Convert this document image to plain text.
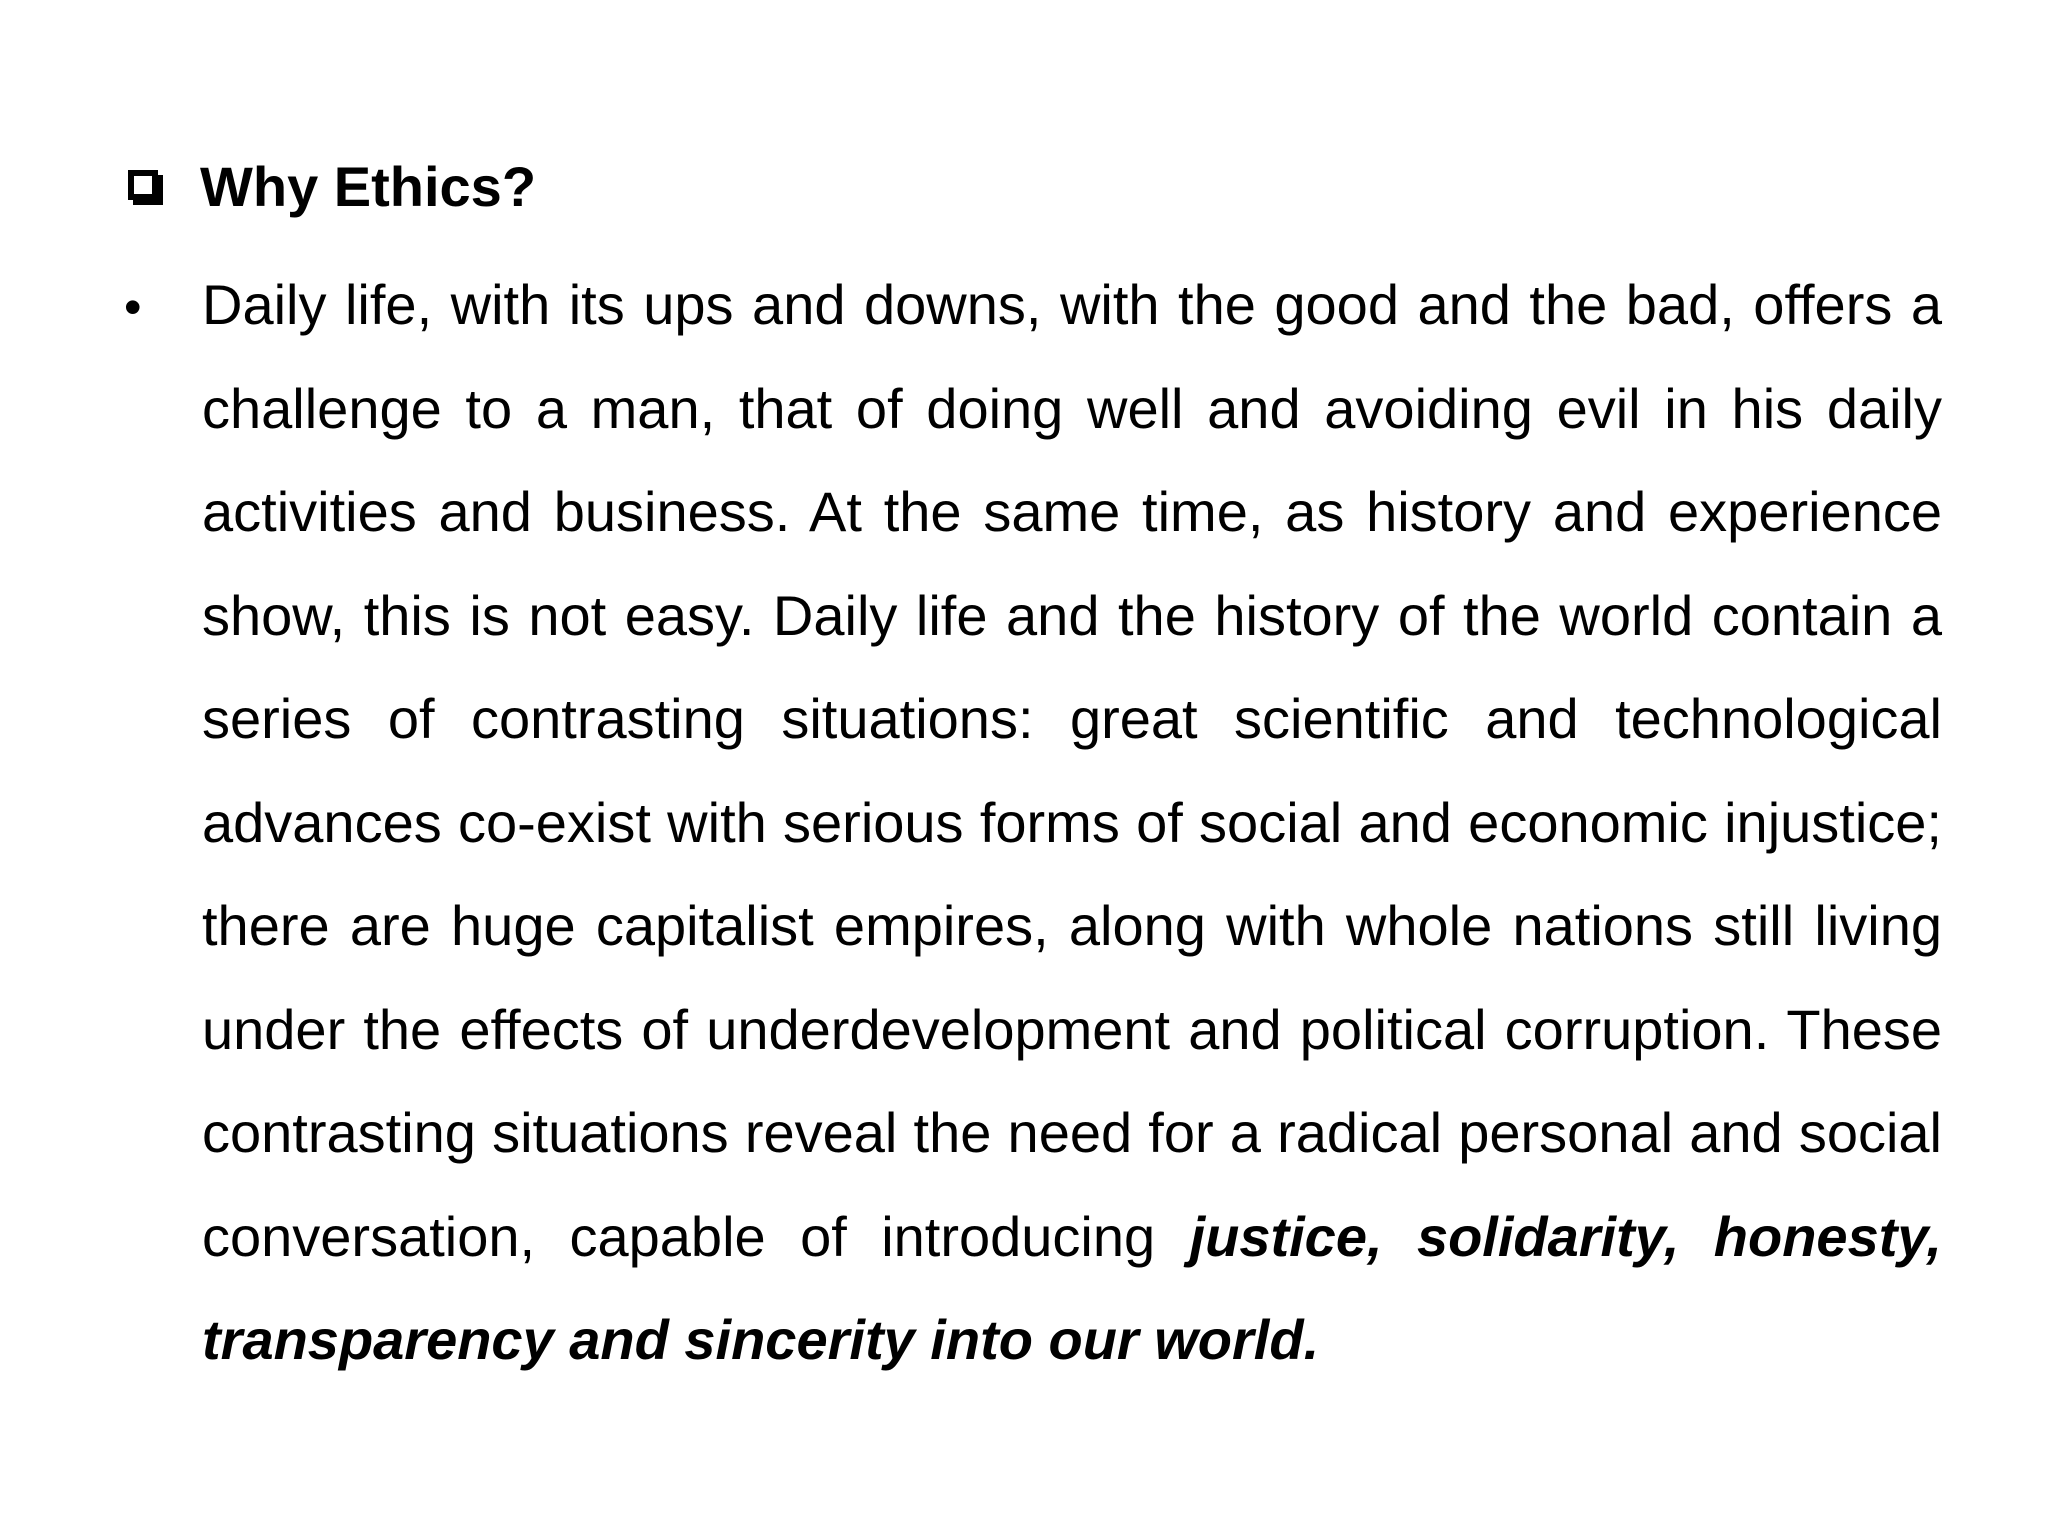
Why Ethics?
• Daily life, with its ups and downs, with the good and the bad, offers a challenge to a man, that of doing well and avoiding evil in his daily activities and business. At the same time, as history and experience show, this is not easy. Daily life and the history of the world contain a series of contrasting situations: great scientific and technological advances co-exist with serious forms of social and economic injustice; there are huge capitalist empires, along with whole nations still living under the effects of underdevelopment and political corruption. These contrasting situations reveal the need for a radical personal and social conversation, capable of introducing justice, solidarity, honesty, transparency and sincerity into our world.
